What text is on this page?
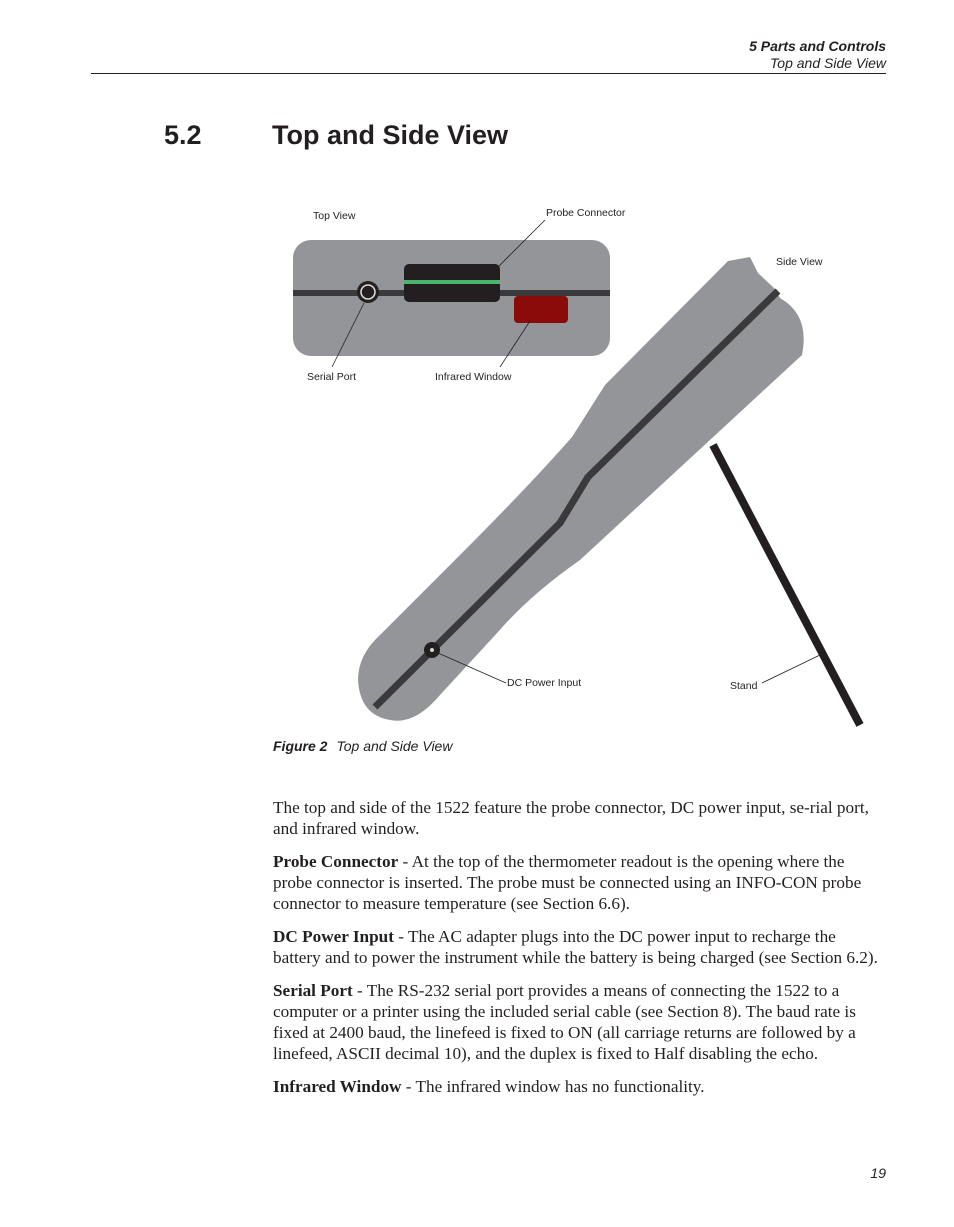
5 Parts and Controls
Top and Side View
5.2	Top and Side View
Top View	Probe Connector
Side View
Serial Port	Infrared Window
DC Power Input	Stand
Figure 2 Top and Side View

The top and side of the 1522 feature the probe connector, DC power input, se-rial port, and infrared window.

Probe Connector - At the top of the thermometer readout is the opening where the probe connector is inserted. The probe must be connected using an INFO-CON probe connector to measure temperature (see Section 6.6).

DC Power Input - The AC adapter plugs into the DC power input to recharge the battery and to power the instrument while the battery is being charged (see Section 6.2).

Serial Port - The RS-232 serial port provides a means of connecting the 1522 to a computer or a printer using the included serial cable (see Section 8). The baud rate is fixed at 2400 baud, the linefeed is fixed to ON (all carriage returns are followed by a linefeed, ASCII decimal 10), and the duplex is fixed to Half disabling the echo.

Infrared Window - The infrared window has no functionality.

19
